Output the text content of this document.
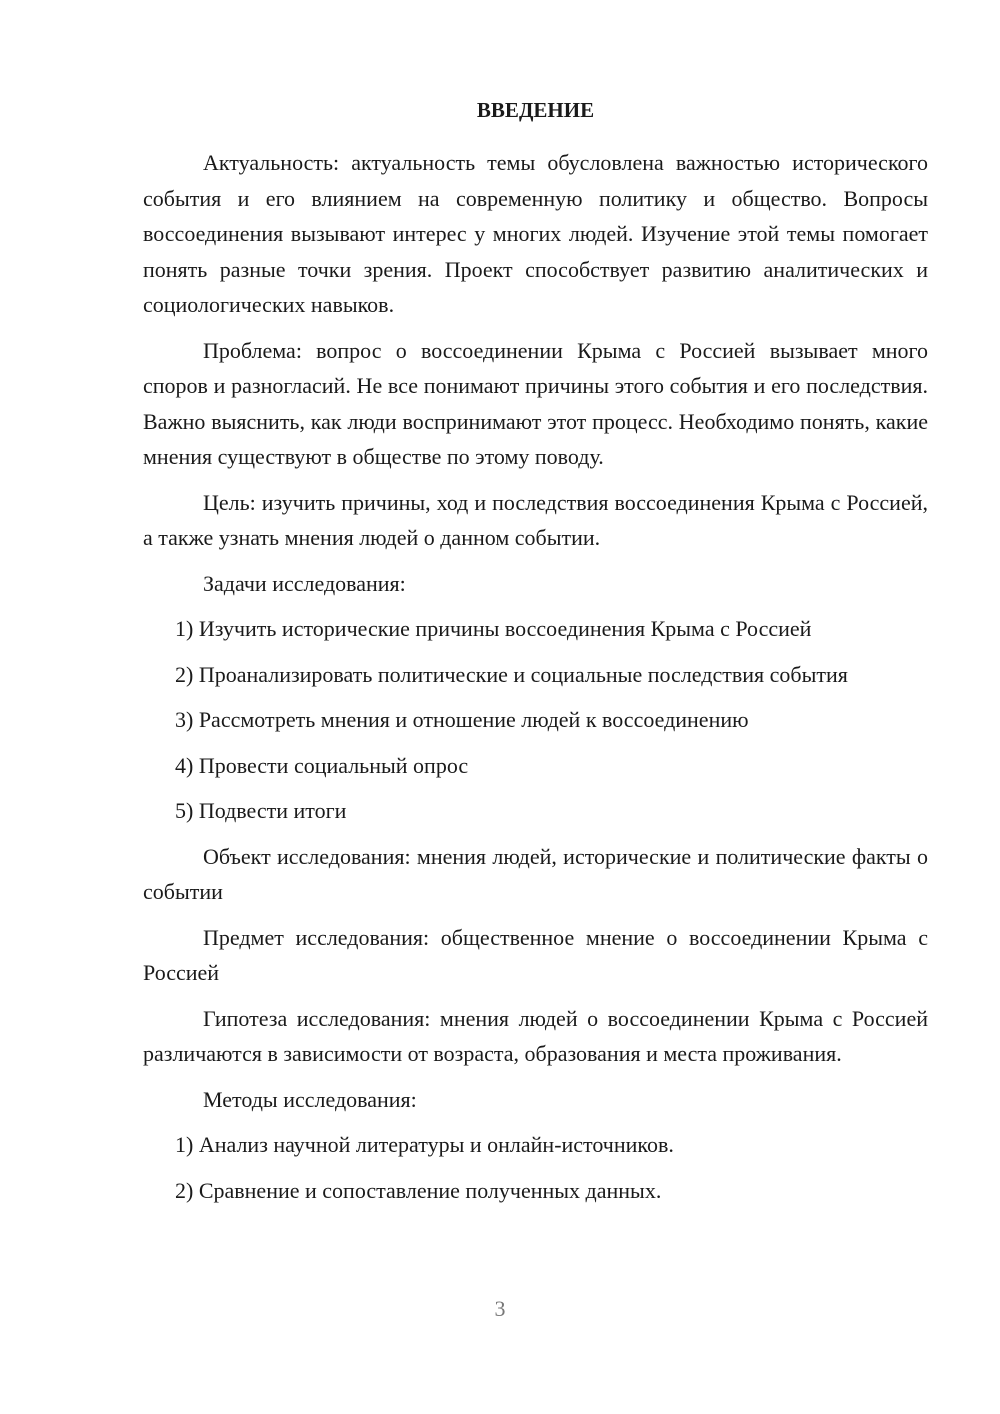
ВВЕДЕНИЕ

Актуальность: актуальность темы обусловлена важностью исторического события и его влиянием на современную политику и общество. Вопросы воссоединения вызывают интерес у многих людей. Изучение этой темы помогает понять разные точки зрения. Проект способствует развитию аналитических и социологических навыков.

Проблема: вопрос о воссоединении Крыма с Россией вызывает много споров и разногласий. Не все понимают причины этого события и его последствия. Важно выяснить, как люди воспринимают этот процесс. Необходимо понять, какие мнения существуют в обществе по этому поводу.

Цель: изучить причины, ход и последствия воссоединения Крыма с Россией, а также узнать мнения людей о данном событии.

Задачи исследования:

1) Изучить исторические причины воссоединения Крыма с Россией

2) Проанализировать политические и социальные последствия события

3) Рассмотреть мнения и отношение людей к воссоединению

4) Провести социальный опрос

5) Подвести итоги

Объект исследования: мнения людей, исторические и политические факты о событии

Предмет исследования: общественное мнение о воссоединении Крыма с Россией

Гипотеза исследования: мнения людей о воссоединении Крыма с Россией различаются в зависимости от возраста, образования и места проживания.

Методы исследования:

1) Анализ научной литературы и онлайн-источников.

2) Сравнение и сопоставление полученных данных.

3
